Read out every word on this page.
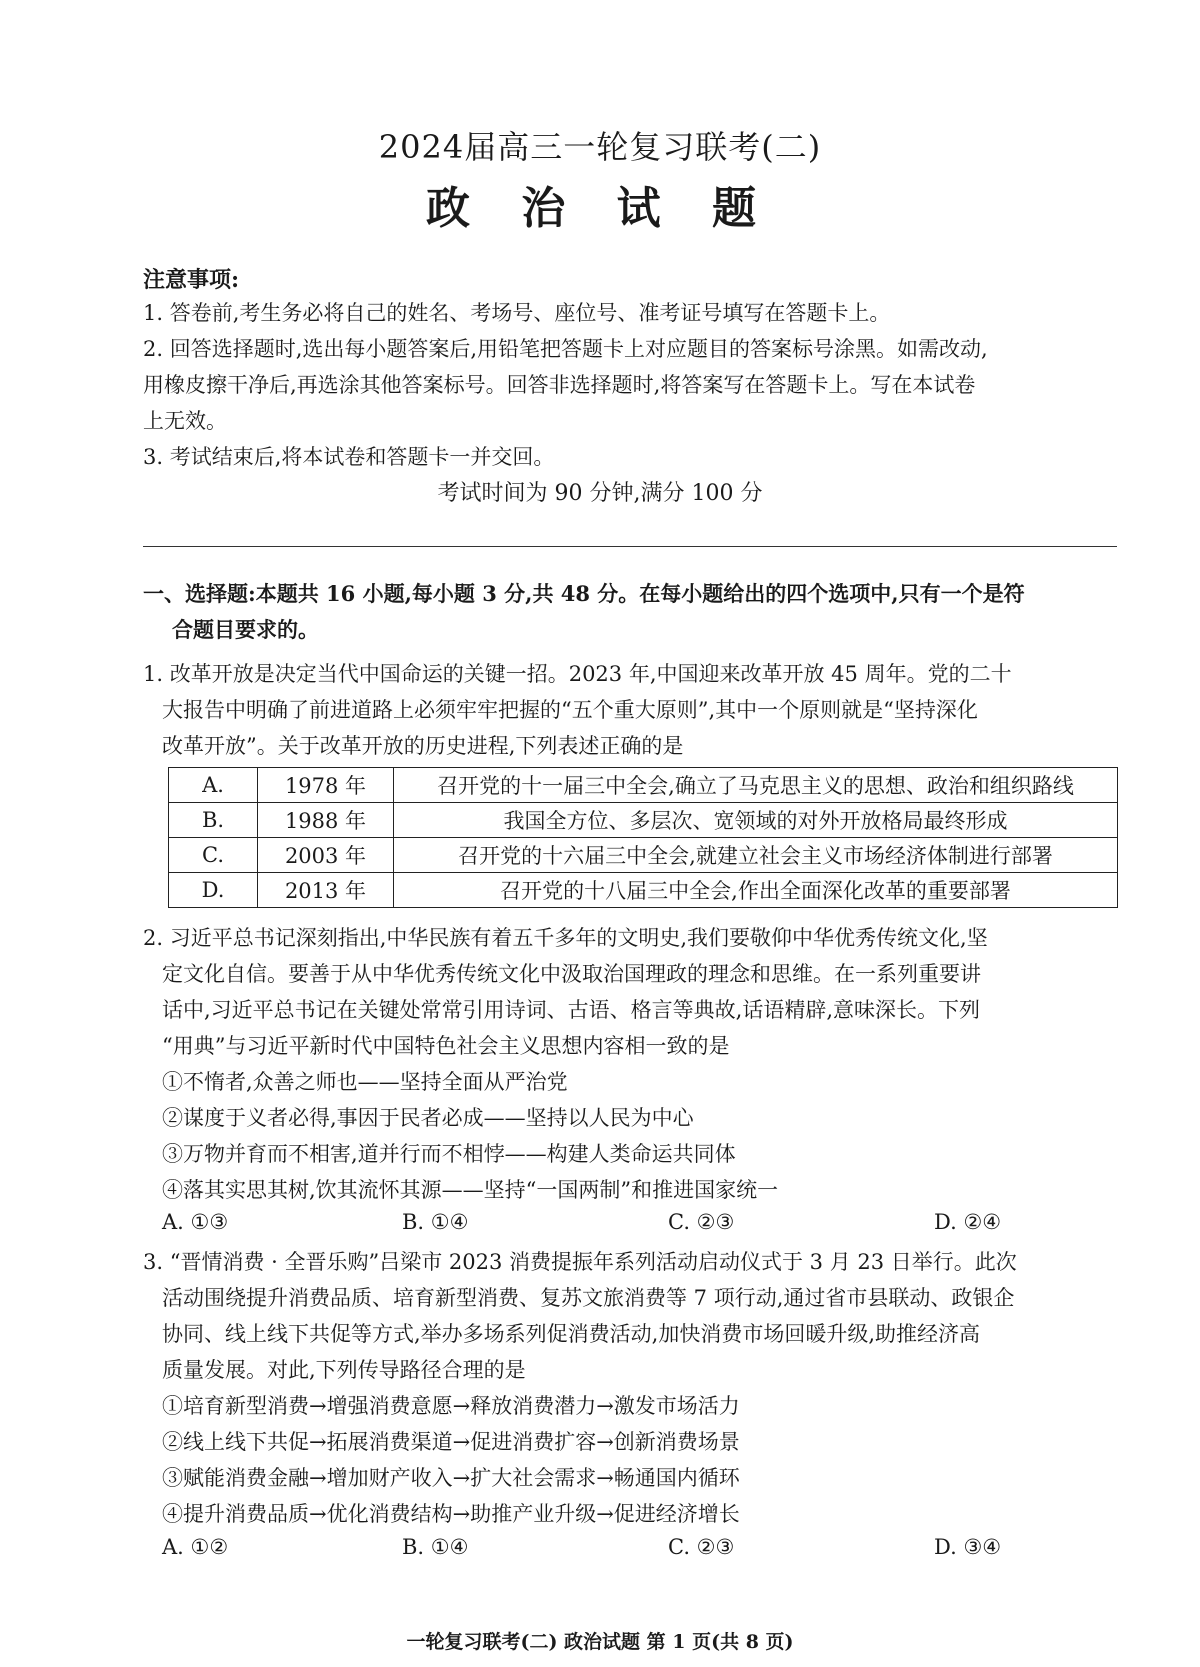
2024届高三一轮复习联考(二)
政 治 试 题
注意事项:
1. 答卷前,考生务必将自己的姓名、考场号、座位号、准考证号填写在答题卡上。
2. 回答选择题时,选出每小题答案后,用铅笔把答题卡上对应题目的答案标号涂黑。如需改动,
用橡皮擦干净后,再选涂其他答案标号。回答非选择题时,将答案写在答题卡上。写在本试卷
上无效。
3. 考试结束后,将本试卷和答题卡一并交回。
考试时间为 90 分钟,满分 100 分
一、选择题:本题共 16 小题,每小题 3 分,共 48 分。在每小题给出的四个选项中,只有一个是符
合题目要求的。
1. 改革开放是决定当代中国命运的关键一招。2023 年,中国迎来改革开放 45 周年。党的二十
大报告中明确了前进道路上必须牢牢把握的“五个重大原则”,其中一个原则就是“坚持深化
改革开放”。关于改革开放的历史进程,下列表述正确的是
A.	1978 年	召开党的十一届三中全会,确立了马克思主义的思想、政治和组织路线
B.	1988 年	我国全方位、多层次、宽领域的对外开放格局最终形成
C.	2003 年	召开党的十六届三中全会,就建立社会主义市场经济体制进行部署
D.	2013 年	召开党的十八届三中全会,作出全面深化改革的重要部署
2. 习近平总书记深刻指出,中华民族有着五千多年的文明史,我们要敬仰中华优秀传统文化,坚
定文化自信。要善于从中华优秀传统文化中汲取治国理政的理念和思维。在一系列重要讲
话中,习近平总书记在关键处常常引用诗词、古语、格言等典故,话语精辟,意味深长。下列
“用典”与习近平新时代中国特色社会主义思想内容相一致的是
①不惰者,众善之师也——坚持全面从严治党
②谋度于义者必得,事因于民者必成——坚持以人民为中心
③万物并育而不相害,道并行而不相悖——构建人类命运共同体
④落其实思其树,饮其流怀其源——坚持“一国两制”和推进国家统一
A. ①③	B. ①④	C. ②③	D. ②④
3. “晋情消费 · 全晋乐购”吕梁市 2023 消费提振年系列活动启动仪式于 3 月 23 日举行。此次
活动围绕提升消费品质、培育新型消费、复苏文旅消费等 7 项行动,通过省市县联动、政银企
协同、线上线下共促等方式,举办多场系列促消费活动,加快消费市场回暖升级,助推经济高
质量发展。对此,下列传导路径合理的是
①培育新型消费→增强消费意愿→释放消费潜力→激发市场活力
②线上线下共促→拓展消费渠道→促进消费扩容→创新消费场景
③赋能消费金融→增加财产收入→扩大社会需求→畅通国内循环
④提升消费品质→优化消费结构→助推产业升级→促进经济增长
A. ①②	B. ①④	C. ②③	D. ③④
一轮复习联考(二) 政治试题 第 1 页(共 8 页)
